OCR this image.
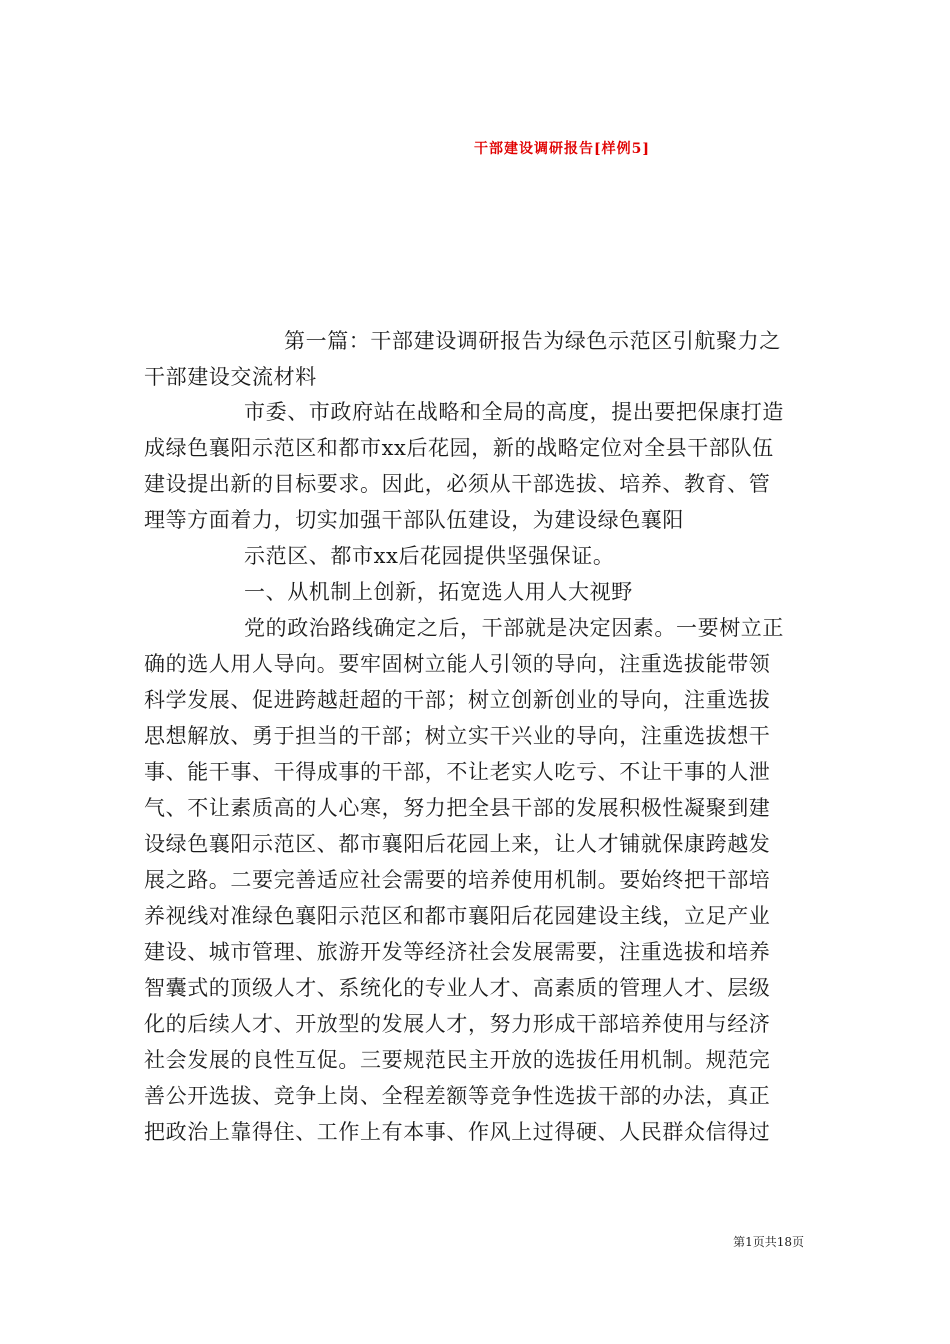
干部建设调研报告[样例5]
第一篇：干部建设调研报告为绿色示范区引航聚力之
干部建设交流材料
市委、市政府站在战略和全局的高度，提出要把保康打造
成绿色襄阳示范区和都市xx后花园，新的战略定位对全县干部队伍
建设提出新的目标要求。因此，必须从干部选拔、培养、教育、管
理等方面着力，切实加强干部队伍建设，为建设绿色襄阳
示范区、都市xx后花园提供坚强保证。
一、从机制上创新，拓宽选人用人大视野
党的政治路线确定之后，干部就是决定因素。一要树立正
确的选人用人导向。要牢固树立能人引领的导向，注重选拔能带领
科学发展、促进跨越赶超的干部；树立创新创业的导向，注重选拔
思想解放、勇于担当的干部；树立实干兴业的导向，注重选拔想干
事、能干事、干得成事的干部，不让老实人吃亏、不让干事的人泄
气、不让素质高的人心寒，努力把全县干部的发展积极性凝聚到建
设绿色襄阳示范区、都市襄阳后花园上来，让人才铺就保康跨越发
展之路。二要完善适应社会需要的培养使用机制。要始终把干部培
养视线对准绿色襄阳示范区和都市襄阳后花园建设主线，立足产业
建设、城市管理、旅游开发等经济社会发展需要，注重选拔和培养
智囊式的顶级人才、系统化的专业人才、高素质的管理人才、层级
化的后续人才、开放型的发展人才，努力形成干部培养使用与经济
社会发展的良性互促。三要规范民主开放的选拔任用机制。规范完
善公开选拔、竞争上岗、全程差额等竞争性选拔干部的办法，真正
把政治上靠得住、工作上有本事、作风上过得硬、人民群众信得过
第1页共18页
